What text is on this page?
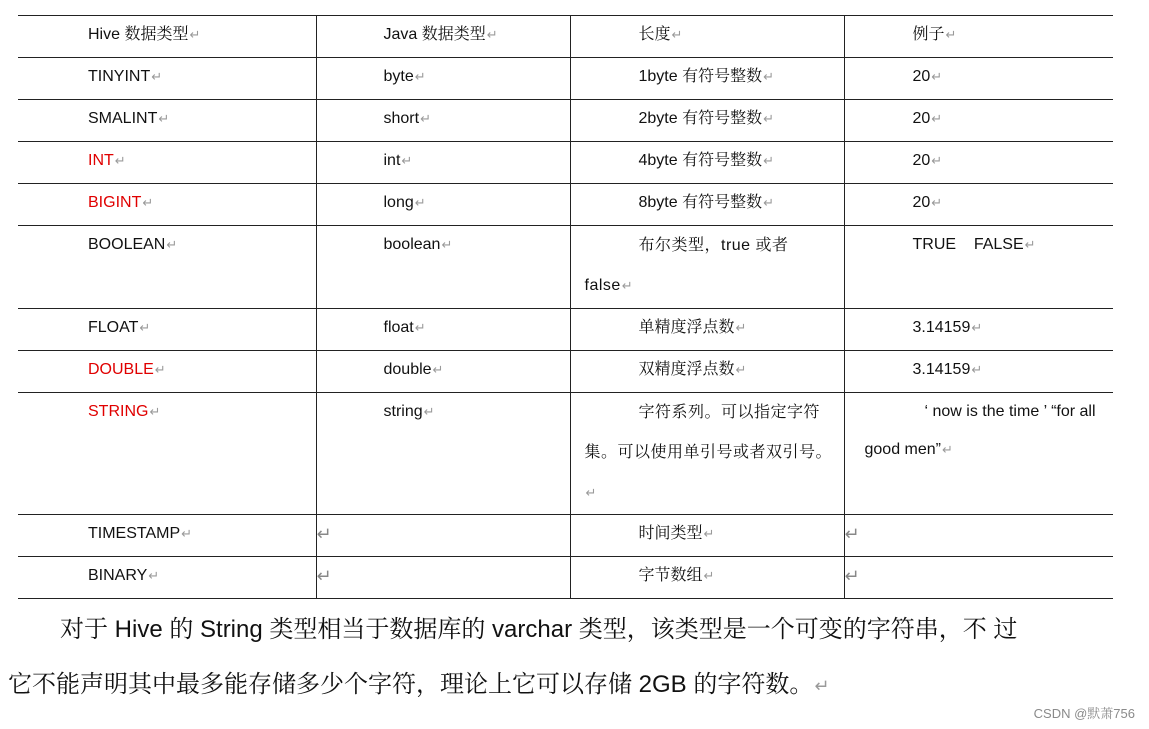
Hive 数据类型↵	Java 数据类型↵	长度↵	例子↵
TINYINT↵	byte↵	1byte 有符号整数↵	20↵
SMALINT↵	short↵	2byte 有符号整数↵	20↵
INT↵	int↵	4byte 有符号整数↵	20↵
BIGINT↵	long↵	8byte 有符号整数↵	20↵
BOOLEAN↵	boolean↵	布尔类型，true 或者 false↵	TRUE    FALSE↵
FLOAT↵	float↵	单精度浮点数↵	3.14159↵
DOUBLE↵	double↵	双精度浮点数↵	3.14159↵
STRING↵	string↵	字符系列。可以指定字符集。可以使用单引号或者双引号。↵	‘ now is the time ’ “for all good men”↵
TIMESTAMP↵	↵	时间类型↵	↵
BINARY↵	↵	字节数组↵	↵
对于 Hive 的 String 类型相当于数据库的 varchar 类型，该类型是一个可变的字符串，不 过
它不能声明其中最多能存储多少个字符，理论上它可以存储 2GB 的字符数。↵
CSDN @默萧756
